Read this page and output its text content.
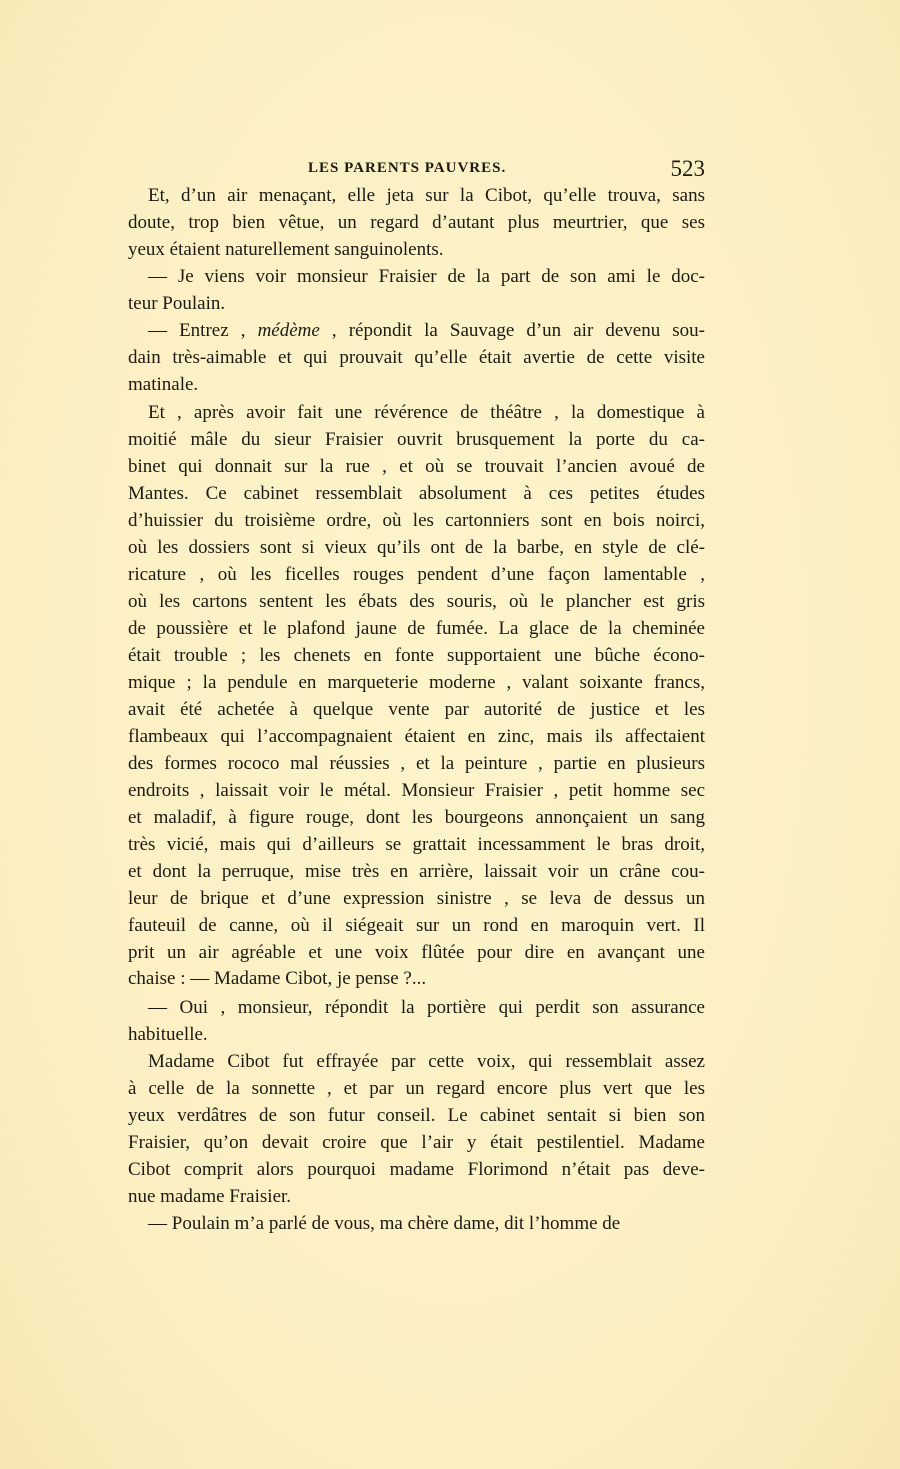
LES PARENTS PAUVRES.	523
Et, d’un air menaçant, elle jeta sur la Cibot, qu’elle trouva, sans
doute, trop bien vêtue, un regard d’autant plus meurtrier, que ses
yeux étaient naturellement sanguinolents.
— Je viens voir monsieur Fraisier de la part de son ami le doc-
teur Poulain.
— Entrez , médème , répondit la Sauvage d’un air devenu sou-
dain très-aimable et qui prouvait qu’elle était avertie de cette visite
matinale.
Et , après avoir fait une révérence de théâtre , la domestique à
moitié mâle du sieur Fraisier ouvrit brusquement la porte du ca-
binet qui donnait sur la rue , et où se trouvait l’ancien avoué de
Mantes. Ce cabinet ressemblait absolument à ces petites études
d’huissier du troisième ordre, où les cartonniers sont en bois noirci,
où les dossiers sont si vieux qu’ils ont de la barbe, en style de clé-
ricature , où les ficelles rouges pendent d’une façon lamentable ,
où les cartons sentent les ébats des souris, où le plancher est gris
de poussière et le plafond jaune de fumée. La glace de la cheminée
était trouble ; les chenets en fonte supportaient une bûche écono-
mique ; la pendule en marqueterie moderne , valant soixante francs,
avait été achetée à quelque vente par autorité de justice et les
flambeaux qui l’accompagnaient étaient en zinc, mais ils affectaient
des formes rococo mal réussies , et la peinture , partie en plusieurs
endroits , laissait voir le métal. Monsieur Fraisier , petit homme sec
et maladif, à figure rouge, dont les bourgeons annonçaient un sang
très vicié, mais qui d’ailleurs se grattait incessamment le bras droit,
et dont la perruque, mise très en arrière, laissait voir un crâne cou-
leur de brique et d’une expression sinistre , se leva de dessus un
fauteuil de canne, où il siégeait sur un rond en maroquin vert. Il
prit un air agréable et une voix flûtée pour dire en avançant une
chaise : — Madame Cibot, je pense ?...
— Oui , monsieur, répondit la portière qui perdit son assurance
habituelle.
Madame Cibot fut effrayée par cette voix, qui ressemblait assez
à celle de la sonnette , et par un regard encore plus vert que les
yeux verdâtres de son futur conseil. Le cabinet sentait si bien son
Fraisier, qu’on devait croire que l’air y était pestilentiel. Madame
Cibot comprit alors pourquoi madame Florimond n’était pas deve-
nue madame Fraisier.
— Poulain m’a parlé de vous, ma chère dame, dit l’homme de
